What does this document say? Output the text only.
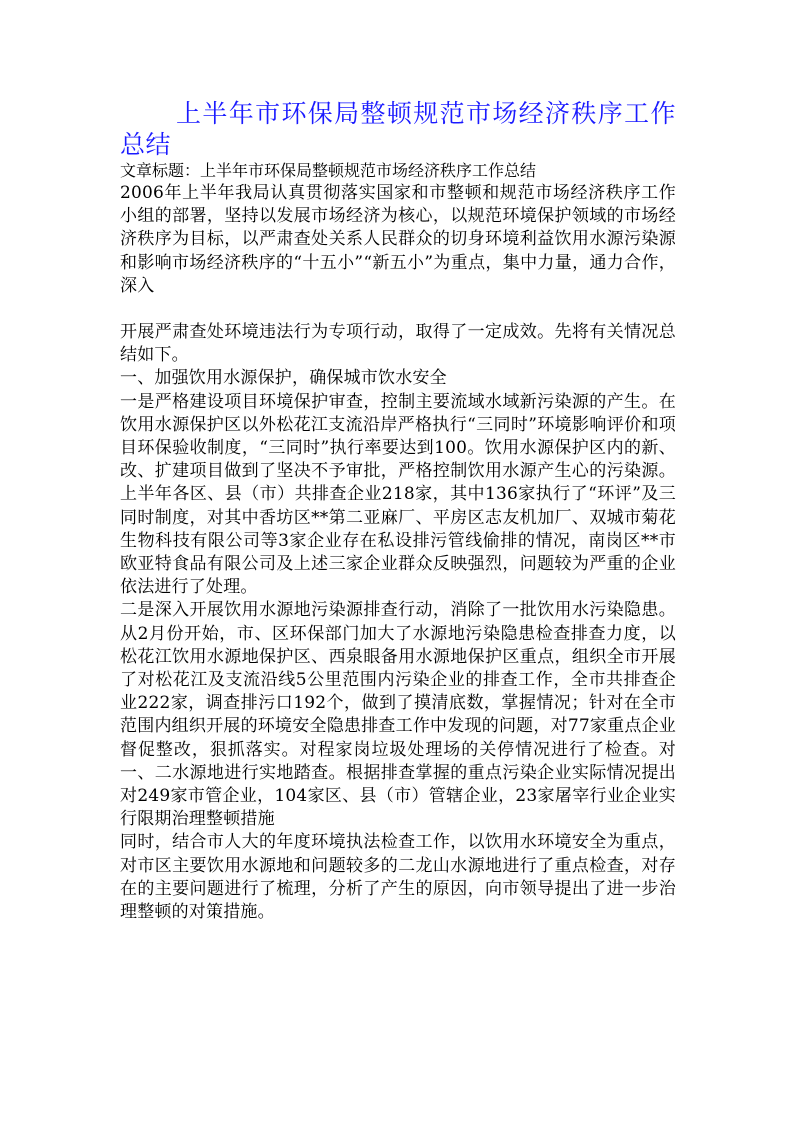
上半年市环保局整顿规范市场经济秩序工作总结

文章标题：上半年市环保局整顿规范市场经济秩序工作总结

2006年上半年我局认真贯彻落实国家和市整顿和规范市场经济秩序工作小组的部署，坚持以发展市场经济为核心，以规范环境保护领域的市场经济秩序为目标，以严肃查处关系人民群众的切身环境利益饮用水源污染源和影响市场经济秩序的“十五小”“新五小”为重点，集中力量，通力合作，深入

开展严肃查处环境违法行为专项行动，取得了一定成效。先将有关情况总结如下。

一、加强饮用水源保护，确保城市饮水安全

一是严格建设项目环境保护审查，控制主要流域水域新污染源的产生。在饮用水源保护区以外松花江支流沿岸严格执行“三同时”环境影响评价和项目环保验收制度，“三同时”执行率要达到100。饮用水源保护区内的新、改、扩建项目做到了坚决不予审批，严格控制饮用水源产生心的污染源。上半年各区、县（市）共排查企业218家，其中136家执行了“环评”及三同时制度，对其中香坊区**第二亚麻厂、平房区志友机加厂、双城市菊花生物科技有限公司等3家企业存在私设排污管线偷排的情况，南岗区**市欧亚特食品有限公司及上述三家企业群众反映强烈，问题较为严重的企业依法进行了处理。

二是深入开展饮用水源地污染源排查行动，消除了一批饮用水污染隐患。从2月份开始，市、区环保部门加大了水源地污染隐患检查排查力度，以松花江饮用水源地保护区、西泉眼备用水源地保护区重点，组织全市开展了对松花江及支流沿线5公里范围内污染企业的排查工作，全市共排查企业222家，调查排污口192个，做到了摸清底数，掌握情况；针对在全市范围内组织开展的环境安全隐患排查工作中发现的问题，对77家重点企业督促整改，狠抓落实。对程家岗垃圾处理场的关停情况进行了检查。对一、二水源地进行实地踏查。根据排查掌握的重点污染企业实际情况提出对249家市管企业，104家区、县（市）管辖企业，23家屠宰行业企业实行限期治理整顿措施

同时，结合市人大的年度环境执法检查工作，以饮用水环境安全为重点，对市区主要饮用水源地和问题较多的二龙山水源地进行了重点检查，对存在的主要问题进行了梳理，分析了产生的原因，向市领导提出了进一步治理整顿的对策措施。
